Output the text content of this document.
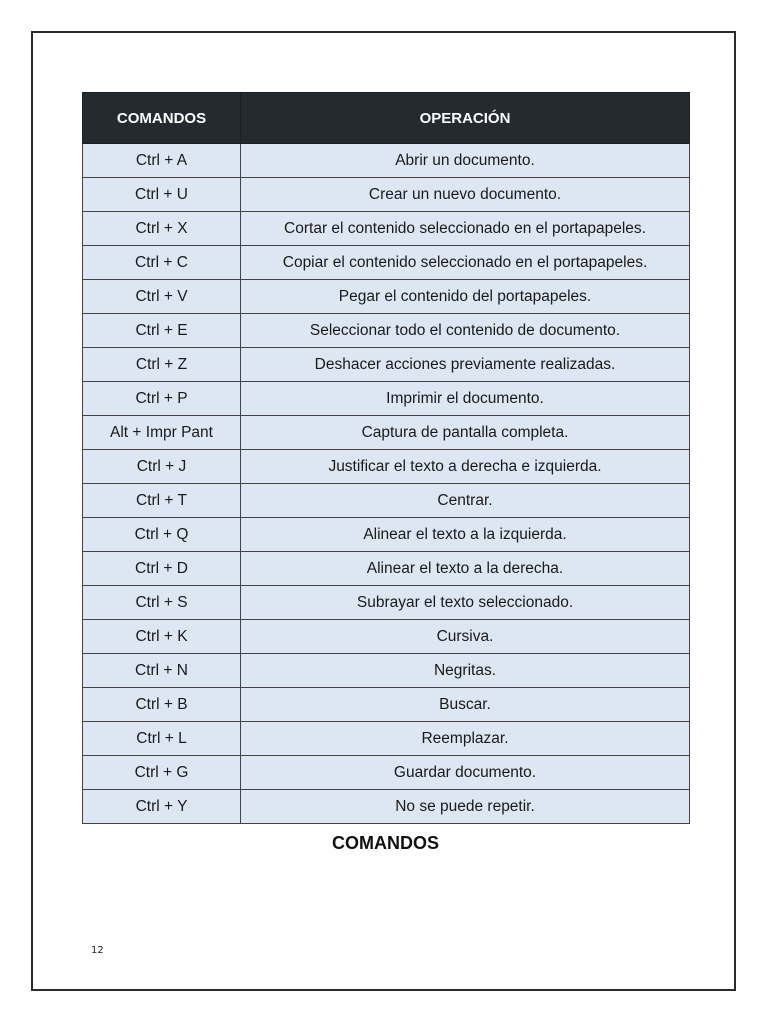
COMANDOS	OPERACIÓN
Ctrl + A	Abrir un documento.
Ctrl + U	Crear un nuevo documento.
Ctrl + X	Cortar el contenido seleccionado en el portapapeles.
Ctrl + C	Copiar el contenido seleccionado en el portapapeles.
Ctrl + V	Pegar el contenido del portapapeles.
Ctrl + E	Seleccionar todo el contenido de documento.
Ctrl + Z	Deshacer acciones previamente realizadas.
Ctrl + P	Imprimir el documento.
Alt + Impr Pant	Captura de pantalla completa.
Ctrl + J	Justificar el texto a derecha e izquierda.
Ctrl + T	Centrar.
Ctrl + Q	Alinear el texto a la izquierda.
Ctrl + D	Alinear el texto a la derecha.
Ctrl + S	Subrayar el texto seleccionado.
Ctrl + K	Cursiva.
Ctrl + N	Negritas.
Ctrl + B	Buscar.
Ctrl + L	Reemplazar.
Ctrl + G	Guardar documento.
Ctrl + Y	No se puede repetir.
COMANDOS
12
